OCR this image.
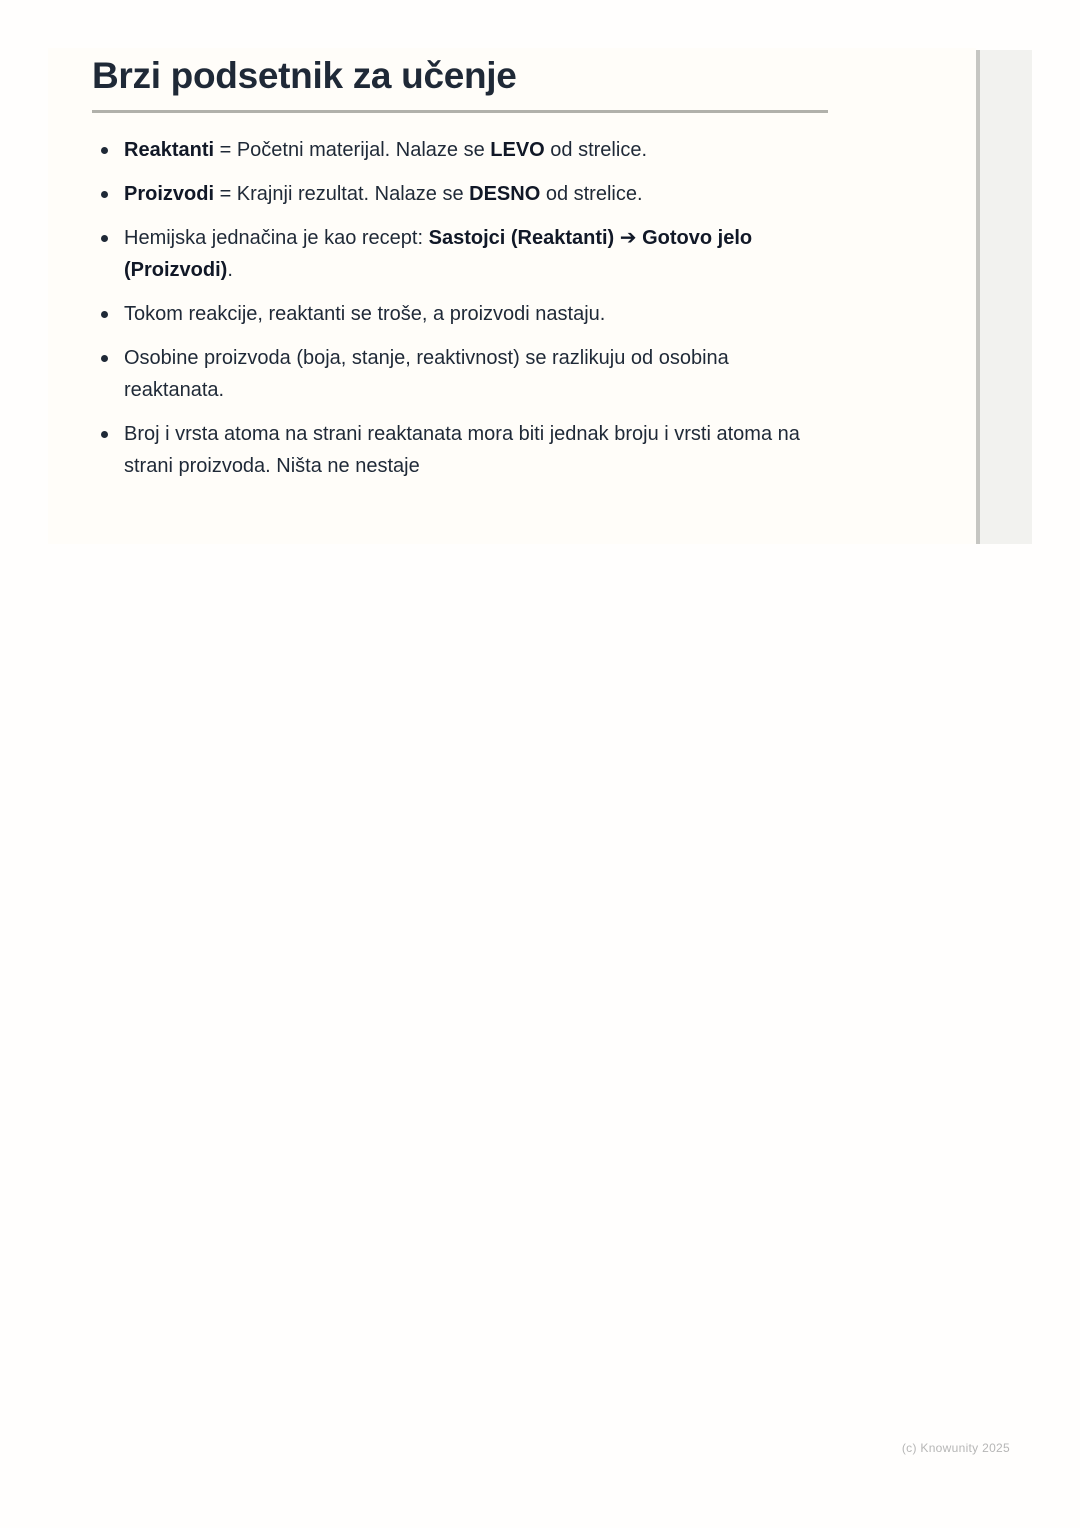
Brzi podsetnik za učenje
Reaktanti = Početni materijal. Nalaze se LEVO od strelice.
Proizvodi = Krajnji rezultat. Nalaze se DESNO od strelice.
Hemijska jednačina je kao recept: Sastojci (Reaktanti) ➔ Gotovo jelo (Proizvodi).
Tokom reakcije, reaktanti se troše, a proizvodi nastaju.
Osobine proizvoda (boja, stanje, reaktivnost) se razlikuju od osobina reaktanata.
Broj i vrsta atoma na strani reaktanata mora biti jednak broju i vrsti atoma na strani proizvoda. Ništa ne nestaje
(c) Knowunity 2025
